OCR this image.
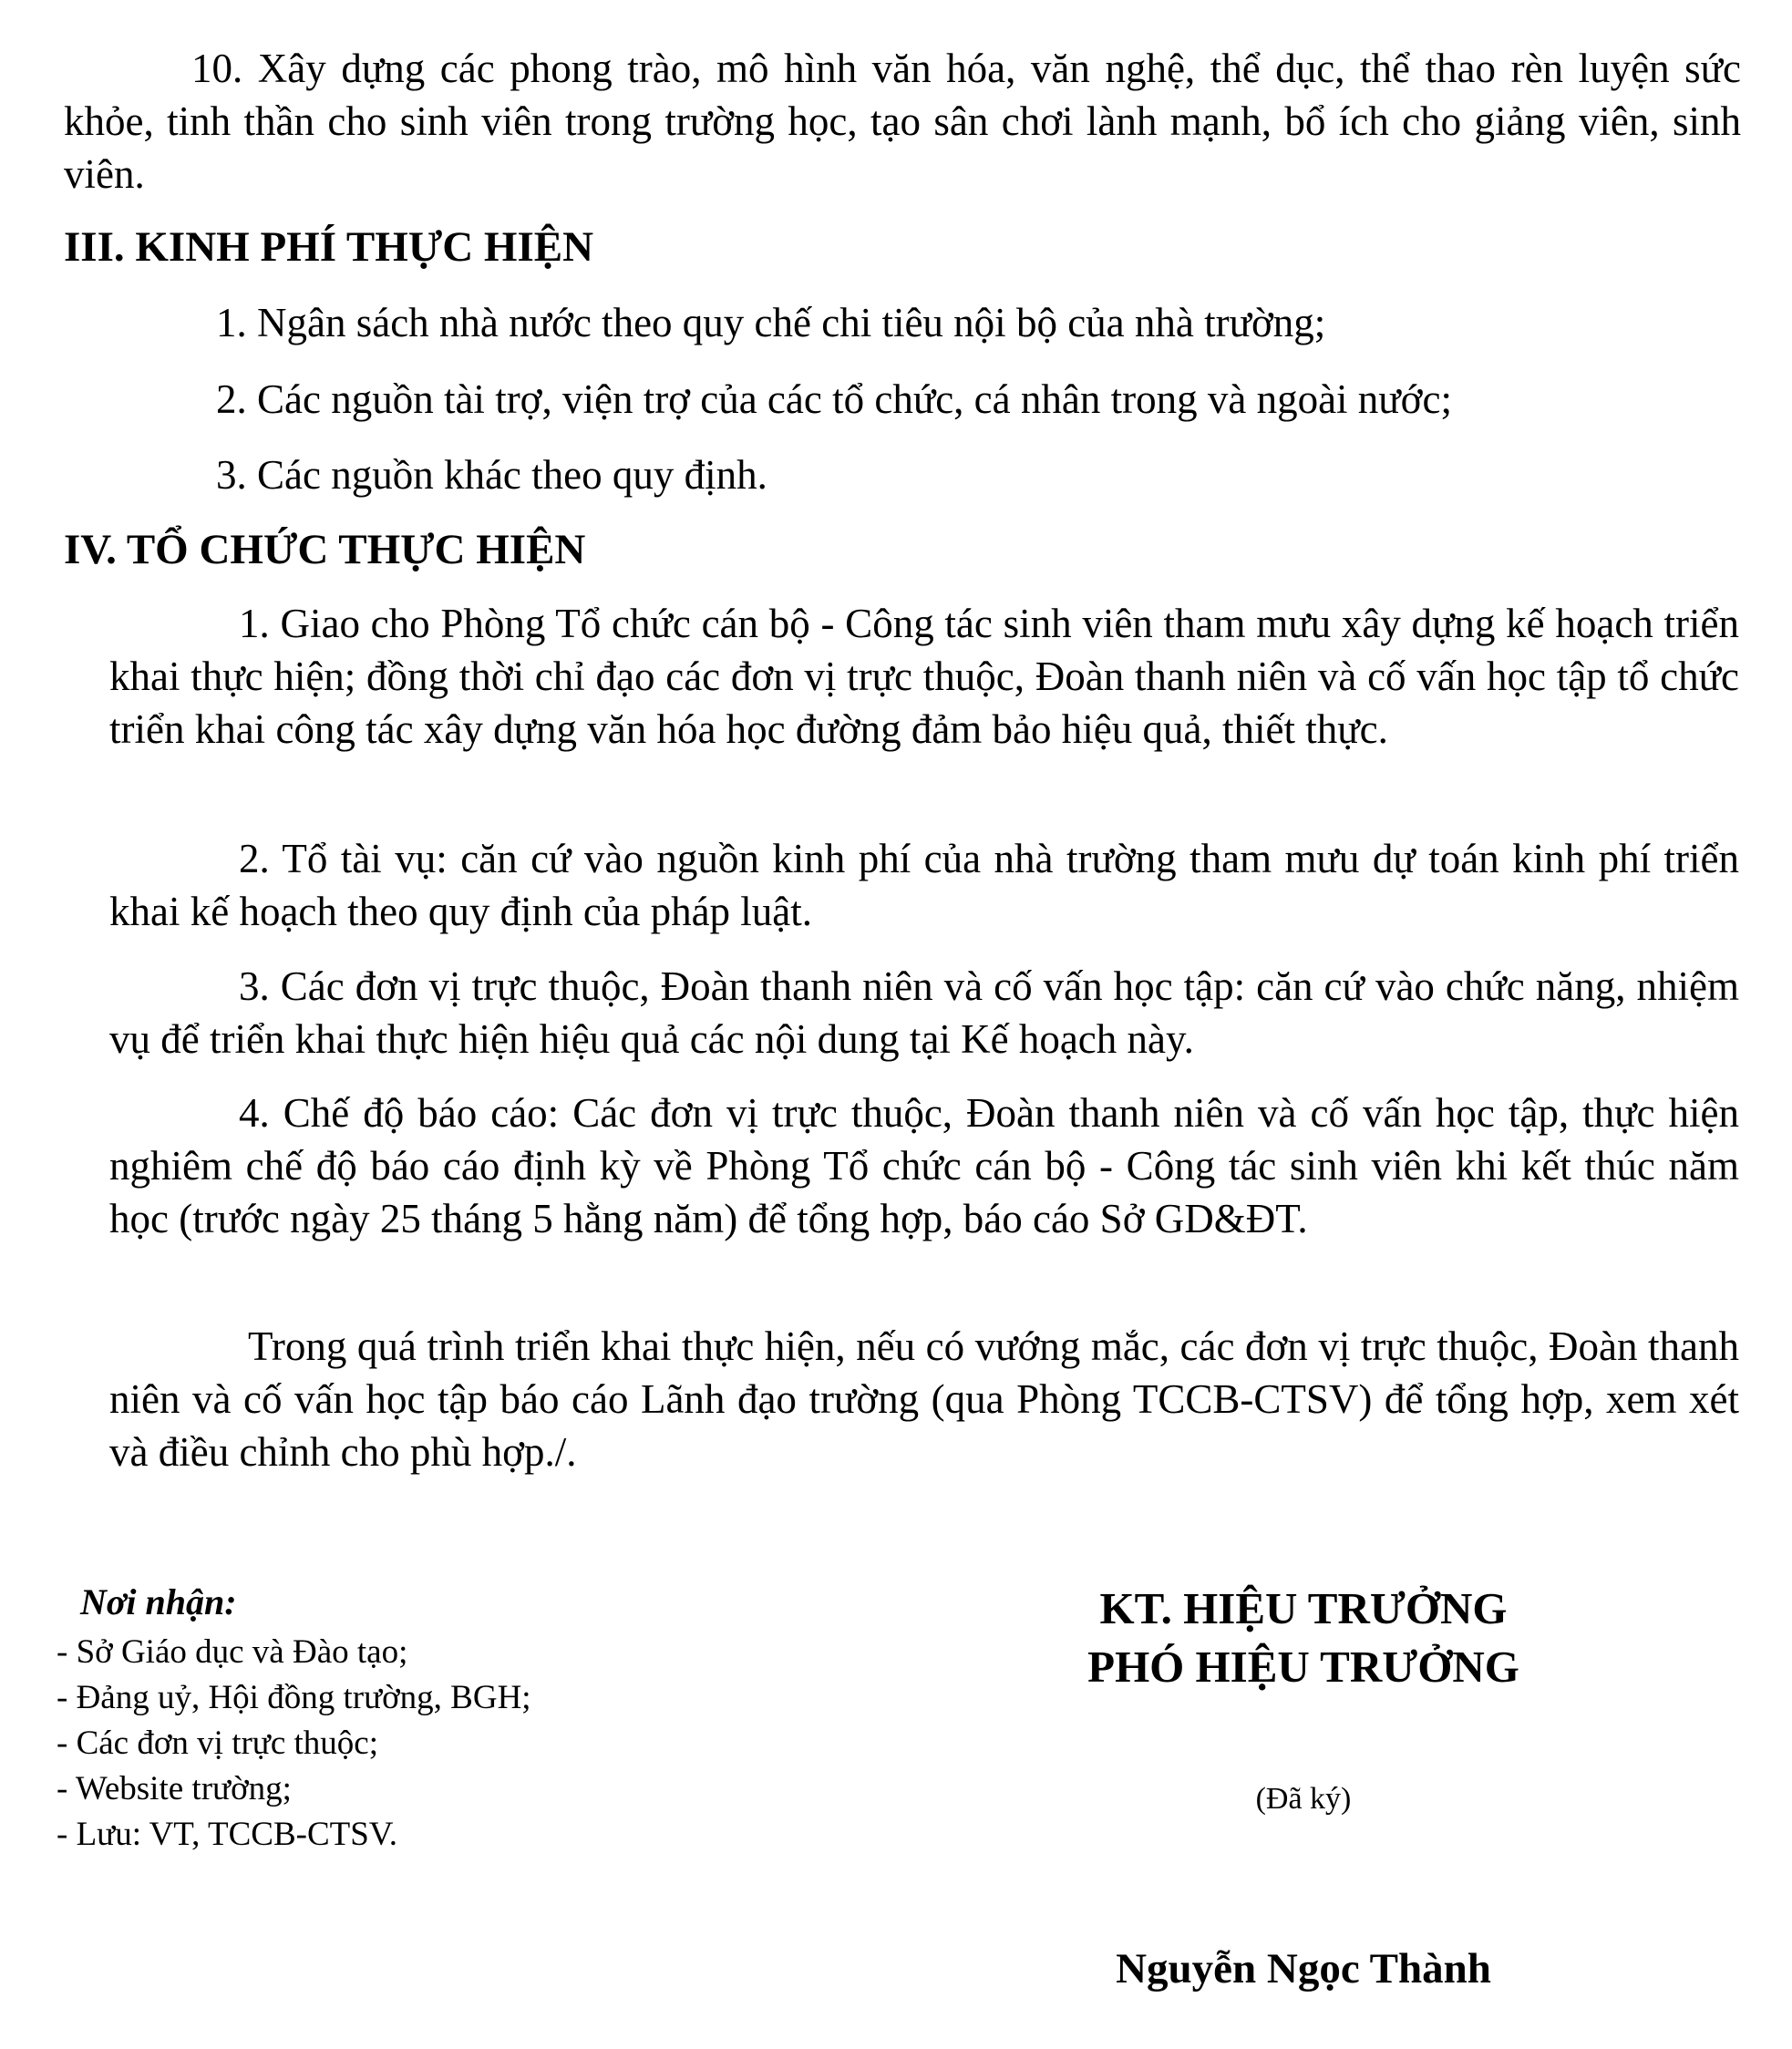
10. Xây dựng các phong trào, mô hình văn hóa, văn nghệ, thể dục, thể thao rèn luyện sức khỏe, tinh thần cho sinh viên trong trường học, tạo sân chơi lành mạnh, bổ ích cho giảng viên, sinh viên.

III. KINH PHÍ THỰC HIỆN

1. Ngân sách nhà nước theo quy chế chi tiêu nội bộ của nhà trường;

2. Các nguồn tài trợ, viện trợ của các tổ chức, cá nhân trong và ngoài nước;

3. Các nguồn khác theo quy định.

IV. TỔ CHỨC THỰC HIỆN

1. Giao cho Phòng Tổ chức cán bộ - Công tác sinh viên tham mưu xây dựng kế hoạch triển khai thực hiện; đồng thời chỉ đạo các đơn vị trực thuộc, Đoàn thanh niên và cố vấn học tập tổ chức triển khai công tác xây dựng văn hóa học đường đảm bảo hiệu quả, thiết thực.

2. Tổ tài vụ: căn cứ vào nguồn kinh phí của nhà trường tham mưu dự toán kinh phí triển khai kế hoạch theo quy định của pháp luật.

3. Các đơn vị trực thuộc, Đoàn thanh niên và cố vấn học tập: căn cứ vào chức năng, nhiệm vụ để triển khai thực hiện hiệu quả các nội dung tại Kế hoạch này.

4. Chế độ báo cáo: Các đơn vị trực thuộc, Đoàn thanh niên và cố vấn học tập, thực hiện nghiêm chế độ báo cáo định kỳ về Phòng Tổ chức cán bộ - Công tác sinh viên khi kết thúc năm học (trước ngày 25 tháng 5 hằng năm) để tổng hợp, báo cáo Sở GD&ĐT.

Trong quá trình triển khai thực hiện, nếu có vướng mắc, các đơn vị trực thuộc, Đoàn thanh niên và cố vấn học tập báo cáo Lãnh đạo trường (qua Phòng TCCB-CTSV) để tổng hợp, xem xét và điều chỉnh cho phù hợp./.

Nơi nhận:

- Sở Giáo dục và Đào tạo;
- Đảng uỷ, Hội đồng trường, BGH;
- Các đơn vị trực thuộc;
- Website trường;
- Lưu: VT, TCCB-CTSV.

KT. HIỆU TRƯỞNG

PHÓ HIỆU TRƯỞNG

(Đã ký)

Nguyễn Ngọc Thành
